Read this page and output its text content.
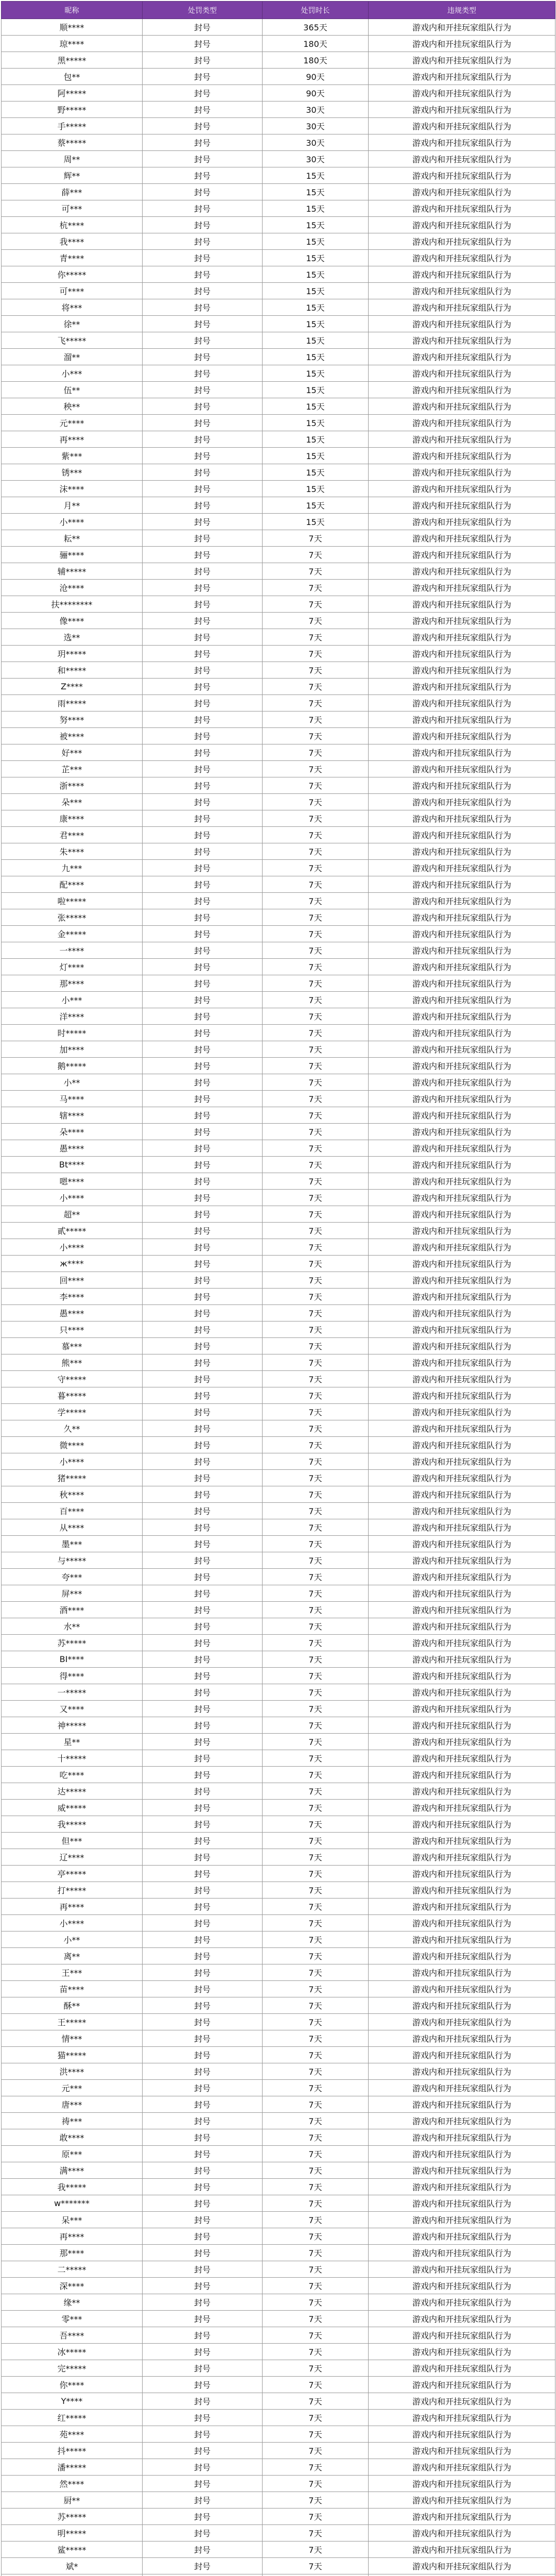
昵称	处罚类型	处罚时长	违规类型
顺****	封号	365天	游戏内和开挂玩家组队行为
琼****	封号	180天	游戏内和开挂玩家组队行为
黑*****	封号	180天	游戏内和开挂玩家组队行为
包**	封号	90天	游戏内和开挂玩家组队行为
阿*****	封号	90天	游戏内和开挂玩家组队行为
野*****	封号	30天	游戏内和开挂玩家组队行为
手*****	封号	30天	游戏内和开挂玩家组队行为
蔡*****	封号	30天	游戏内和开挂玩家组队行为
周**	封号	30天	游戏内和开挂玩家组队行为
辉**	封号	15天	游戏内和开挂玩家组队行为
薛***	封号	15天	游戏内和开挂玩家组队行为
可***	封号	15天	游戏内和开挂玩家组队行为
杭****	封号	15天	游戏内和开挂玩家组队行为
我****	封号	15天	游戏内和开挂玩家组队行为
青****	封号	15天	游戏内和开挂玩家组队行为
你*****	封号	15天	游戏内和开挂玩家组队行为
可****	封号	15天	游戏内和开挂玩家组队行为
将***	封号	15天	游戏内和开挂玩家组队行为
徐**	封号	15天	游戏内和开挂玩家组队行为
飞*****	封号	15天	游戏内和开挂玩家组队行为
溜**	封号	15天	游戏内和开挂玩家组队行为
小***	封号	15天	游戏内和开挂玩家组队行为
伍**	封号	15天	游戏内和开挂玩家组队行为
秧**	封号	15天	游戏内和开挂玩家组队行为
元****	封号	15天	游戏内和开挂玩家组队行为
再****	封号	15天	游戏内和开挂玩家组队行为
紫***	封号	15天	游戏内和开挂玩家组队行为
锈***	封号	15天	游戏内和开挂玩家组队行为
沫****	封号	15天	游戏内和开挂玩家组队行为
月**	封号	15天	游戏内和开挂玩家组队行为
小****	封号	15天	游戏内和开挂玩家组队行为
耘**	封号	7天	游戏内和开挂玩家组队行为
骊****	封号	7天	游戏内和开挂玩家组队行为
辅*****	封号	7天	游戏内和开挂玩家组队行为
沧****	封号	7天	游戏内和开挂玩家组队行为
扶********	封号	7天	游戏内和开挂玩家组队行为
像****	封号	7天	游戏内和开挂玩家组队行为
选**	封号	7天	游戏内和开挂玩家组队行为
玥*****	封号	7天	游戏内和开挂玩家组队行为
和*****	封号	7天	游戏内和开挂玩家组队行为
Z****	封号	7天	游戏内和开挂玩家组队行为
雨*****	封号	7天	游戏内和开挂玩家组队行为
努****	封号	7天	游戏内和开挂玩家组队行为
被****	封号	7天	游戏内和开挂玩家组队行为
好***	封号	7天	游戏内和开挂玩家组队行为
芷***	封号	7天	游戏内和开挂玩家组队行为
浙****	封号	7天	游戏内和开挂玩家组队行为
朵***	封号	7天	游戏内和开挂玩家组队行为
康****	封号	7天	游戏内和开挂玩家组队行为
君****	封号	7天	游戏内和开挂玩家组队行为
朱****	封号	7天	游戏内和开挂玩家组队行为
九***	封号	7天	游戏内和开挂玩家组队行为
配****	封号	7天	游戏内和开挂玩家组队行为
啦*****	封号	7天	游戏内和开挂玩家组队行为
张*****	封号	7天	游戏内和开挂玩家组队行为
金*****	封号	7天	游戏内和开挂玩家组队行为
一****	封号	7天	游戏内和开挂玩家组队行为
灯****	封号	7天	游戏内和开挂玩家组队行为
那****	封号	7天	游戏内和开挂玩家组队行为
小***	封号	7天	游戏内和开挂玩家组队行为
洋****	封号	7天	游戏内和开挂玩家组队行为
时*****	封号	7天	游戏内和开挂玩家组队行为
加****	封号	7天	游戏内和开挂玩家组队行为
鹅*****	封号	7天	游戏内和开挂玩家组队行为
小**	封号	7天	游戏内和开挂玩家组队行为
马****	封号	7天	游戏内和开挂玩家组队行为
辖****	封号	7天	游戏内和开挂玩家组队行为
朵****	封号	7天	游戏内和开挂玩家组队行为
愚****	封号	7天	游戏内和开挂玩家组队行为
Bt****	封号	7天	游戏内和开挂玩家组队行为
嗯****	封号	7天	游戏内和开挂玩家组队行为
小****	封号	7天	游戏内和开挂玩家组队行为
超**	封号	7天	游戏内和开挂玩家组队行为
貳*****	封号	7天	游戏内和开挂玩家组队行为
小****	封号	7天	游戏内和开挂玩家组队行为
ж****	封号	7天	游戏内和开挂玩家组队行为
回****	封号	7天	游戏内和开挂玩家组队行为
李****	封号	7天	游戏内和开挂玩家组队行为
愚****	封号	7天	游戏内和开挂玩家组队行为
只****	封号	7天	游戏内和开挂玩家组队行为
慕***	封号	7天	游戏内和开挂玩家组队行为
熊***	封号	7天	游戏内和开挂玩家组队行为
守*****	封号	7天	游戏内和开挂玩家组队行为
暮*****	封号	7天	游戏内和开挂玩家组队行为
学*****	封号	7天	游戏内和开挂玩家组队行为
久**	封号	7天	游戏内和开挂玩家组队行为
微****	封号	7天	游戏内和开挂玩家组队行为
小****	封号	7天	游戏内和开挂玩家组队行为
猪*****	封号	7天	游戏内和开挂玩家组队行为
秋****	封号	7天	游戏内和开挂玩家组队行为
百****	封号	7天	游戏内和开挂玩家组队行为
从****	封号	7天	游戏内和开挂玩家组队行为
墨***	封号	7天	游戏内和开挂玩家组队行为
与*****	封号	7天	游戏内和开挂玩家组队行为
夸***	封号	7天	游戏内和开挂玩家组队行为
屏***	封号	7天	游戏内和开挂玩家组队行为
酒****	封号	7天	游戏内和开挂玩家组队行为
水**	封号	7天	游戏内和开挂玩家组队行为
苏*****	封号	7天	游戏内和开挂玩家组队行为
BI****	封号	7天	游戏内和开挂玩家组队行为
得****	封号	7天	游戏内和开挂玩家组队行为
一*****	封号	7天	游戏内和开挂玩家组队行为
又****	封号	7天	游戏内和开挂玩家组队行为
神*****	封号	7天	游戏内和开挂玩家组队行为
星**	封号	7天	游戏内和开挂玩家组队行为
十*****	封号	7天	游戏内和开挂玩家组队行为
吃****	封号	7天	游戏内和开挂玩家组队行为
达*****	封号	7天	游戏内和开挂玩家组队行为
威*****	封号	7天	游戏内和开挂玩家组队行为
我*****	封号	7天	游戏内和开挂玩家组队行为
但***	封号	7天	游戏内和开挂玩家组队行为
辽****	封号	7天	游戏内和开挂玩家组队行为
亭*****	封号	7天	游戏内和开挂玩家组队行为
打*****	封号	7天	游戏内和开挂玩家组队行为
再****	封号	7天	游戏内和开挂玩家组队行为
小****	封号	7天	游戏内和开挂玩家组队行为
小**	封号	7天	游戏内和开挂玩家组队行为
离**	封号	7天	游戏内和开挂玩家组队行为
王***	封号	7天	游戏内和开挂玩家组队行为
苗****	封号	7天	游戏内和开挂玩家组队行为
酥**	封号	7天	游戏内和开挂玩家组队行为
王*****	封号	7天	游戏内和开挂玩家组队行为
情***	封号	7天	游戏内和开挂玩家组队行为
猫*****	封号	7天	游戏内和开挂玩家组队行为
洪****	封号	7天	游戏内和开挂玩家组队行为
元***	封号	7天	游戏内和开挂玩家组队行为
唐***	封号	7天	游戏内和开挂玩家组队行为
祷***	封号	7天	游戏内和开挂玩家组队行为
敢****	封号	7天	游戏内和开挂玩家组队行为
原***	封号	7天	游戏内和开挂玩家组队行为
满****	封号	7天	游戏内和开挂玩家组队行为
我*****	封号	7天	游戏内和开挂玩家组队行为
w*******	封号	7天	游戏内和开挂玩家组队行为
呆***	封号	7天	游戏内和开挂玩家组队行为
再****	封号	7天	游戏内和开挂玩家组队行为
那****	封号	7天	游戏内和开挂玩家组队行为
二*****	封号	7天	游戏内和开挂玩家组队行为
深****	封号	7天	游戏内和开挂玩家组队行为
缘**	封号	7天	游戏内和开挂玩家组队行为
零***	封号	7天	游戏内和开挂玩家组队行为
吾****	封号	7天	游戏内和开挂玩家组队行为
冰*****	封号	7天	游戏内和开挂玩家组队行为
完*****	封号	7天	游戏内和开挂玩家组队行为
你****	封号	7天	游戏内和开挂玩家组队行为
Y****	封号	7天	游戏内和开挂玩家组队行为
红*****	封号	7天	游戏内和开挂玩家组队行为
苑****	封号	7天	游戏内和开挂玩家组队行为
抖*****	封号	7天	游戏内和开挂玩家组队行为
潘*****	封号	7天	游戏内和开挂玩家组队行为
然****	封号	7天	游戏内和开挂玩家组队行为
厨**	封号	7天	游戏内和开挂玩家组队行为
苏*****	封号	7天	游戏内和开挂玩家组队行为
明*****	封号	7天	游戏内和开挂玩家组队行为
鲨*****	封号	7天	游戏内和开挂玩家组队行为
斌*	封号	7天	游戏内和开挂玩家组队行为
